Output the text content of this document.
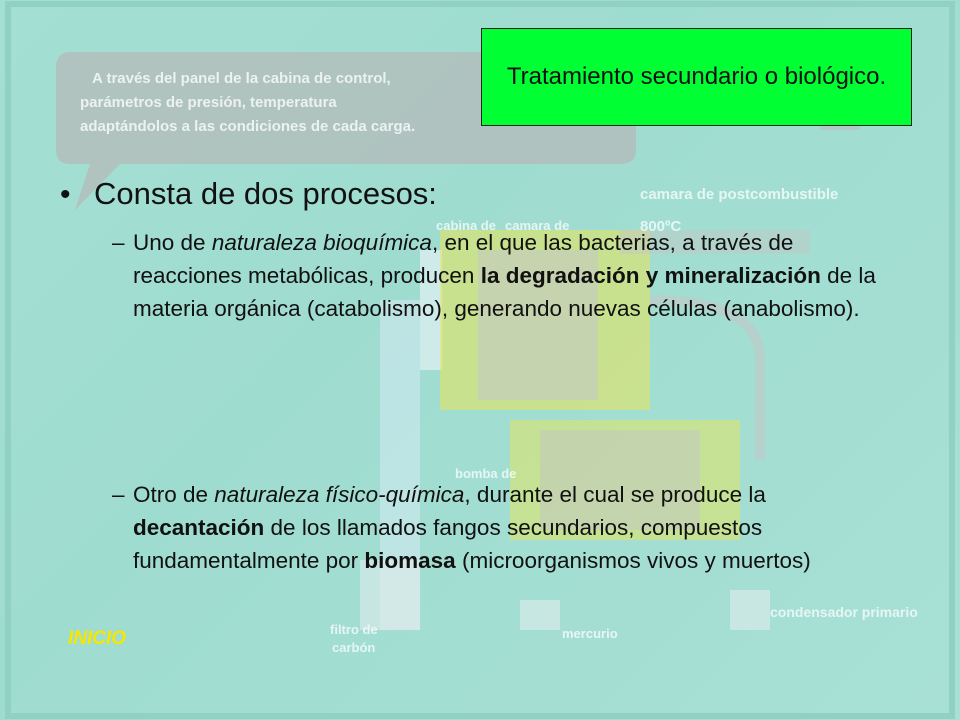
A través del panel de la cabina de control,
parámetros de presión, temperatura
adaptándolos a las condiciones de cada carga.
camara de postcombustible
800ºC
cabina de camara de
bomba de
filtro de
carbón
mercurio
condensador primario
INICIO
Tratamiento secundario o biológico.
• Consta de dos procesos:
– Uno de naturaleza bioquímica, en el que las bacterias, a través de reacciones metabólicas, producen la degradación y mineralización de la materia orgánica (catabolismo), generando nuevas células (anabolismo).
– Otro de naturaleza físico-química, durante el cual se produce la decantación de los llamados fangos secundarios, compuestos fundamentalmente por biomasa (microorganismos vivos y muertos)
